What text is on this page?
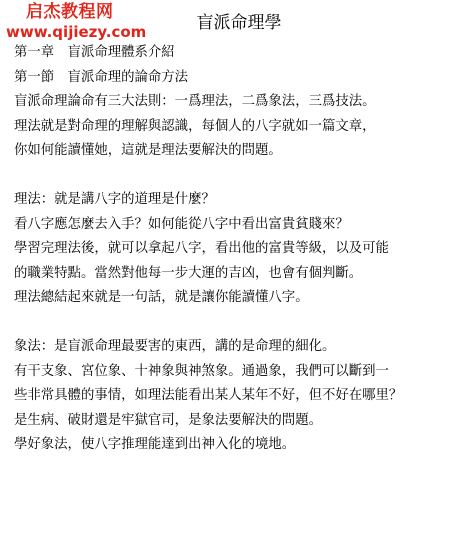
启杰教程网
www.qijiezy.com	盲派命理學
第一章　盲派命理體系介紹
第一節　盲派命理的論命方法
盲派命理論命有三大法則：一爲理法，二爲象法，三爲技法。
理法就是對命理的理解與認識，每個人的八字就如一篇文章，
你如何能讀懂她，這就是理法要解決的問題。
理法：就是講八字的道理是什麼？
看八字應怎麼去入手？如何能從八字中看出富貴貧賤來？
學習完理法後，就可以拿起八字，看出他的富貴等級，以及可能
的職業特點。當然對他每一步大運的吉凶，也會有個判斷。
理法總結起來就是一句話，就是讓你能讀懂八字。
象法：是盲派命理最要害的東西，講的是命理的細化。
有干支象、宮位象、十神象與神煞象。通過象，我們可以斷到一
些非常具體的事情，如理法能看出某人某年不好，但不好在哪里？
是生病、破財還是牢獄官司，是象法要解決的問題。
學好象法，使八字推理能達到出神入化的境地。
